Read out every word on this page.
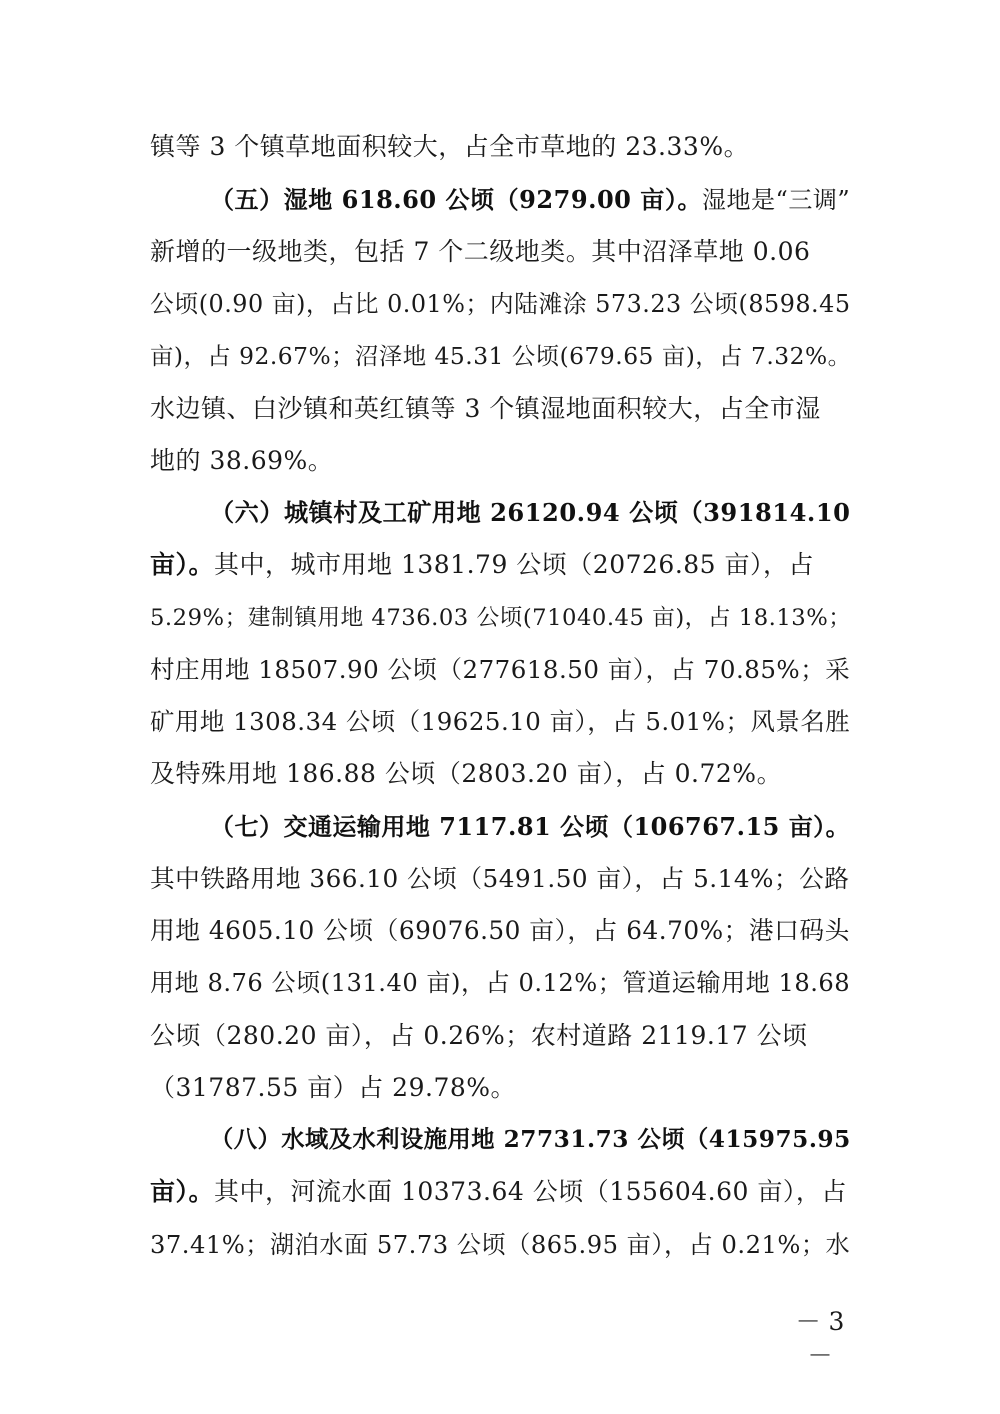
镇等 3 个镇草地面积较大，占全市草地的 23.33%。
（五）湿地 618.60 公顷（9279.00 亩）。湿地是“三调”
新增的一级地类，包括 7 个二级地类。其中沼泽草地 0.06
公顷(0.90 亩)，占比 0.01%；内陆滩涂 573.23 公顷(8598.45
亩)，占 92.67%；沼泽地 45.31 公顷(679.65 亩)，占 7.32%。
水边镇、白沙镇和英红镇等 3 个镇湿地面积较大，占全市湿
地的 38.69%。
（六）城镇村及工矿用地 26120.94 公顷（391814.10
亩）。其中，城市用地 1381.79 公顷（20726.85 亩），占
5.29%；建制镇用地 4736.03 公顷(71040.45 亩)，占 18.13%；
村庄用地 18507.90 公顷（277618.50 亩），占 70.85%；采
矿用地 1308.34 公顷（19625.10 亩），占 5.01%；风景名胜
及特殊用地 186.88 公顷（2803.20 亩），占 0.72%。
（七）交通运输用地 7117.81 公顷（106767.15 亩）。
其中铁路用地 366.10 公顷（5491.50 亩），占 5.14%；公路
用地 4605.10 公顷（69076.50 亩），占 64.70%；港口码头
用地 8.76 公顷(131.40 亩)，占 0.12%；管道运输用地 18.68
公顷（280.20 亩），占 0.26%；农村道路 2119.17 公顷
（31787.55 亩）占 29.78%。
（八）水域及水利设施用地 27731.73 公顷（415975.95
亩）。其中，河流水面 10373.64 公顷（155604.60 亩），占
37.41%；湖泊水面 57.73 公顷（865.95 亩），占 0.21%；水
－ 3 －
